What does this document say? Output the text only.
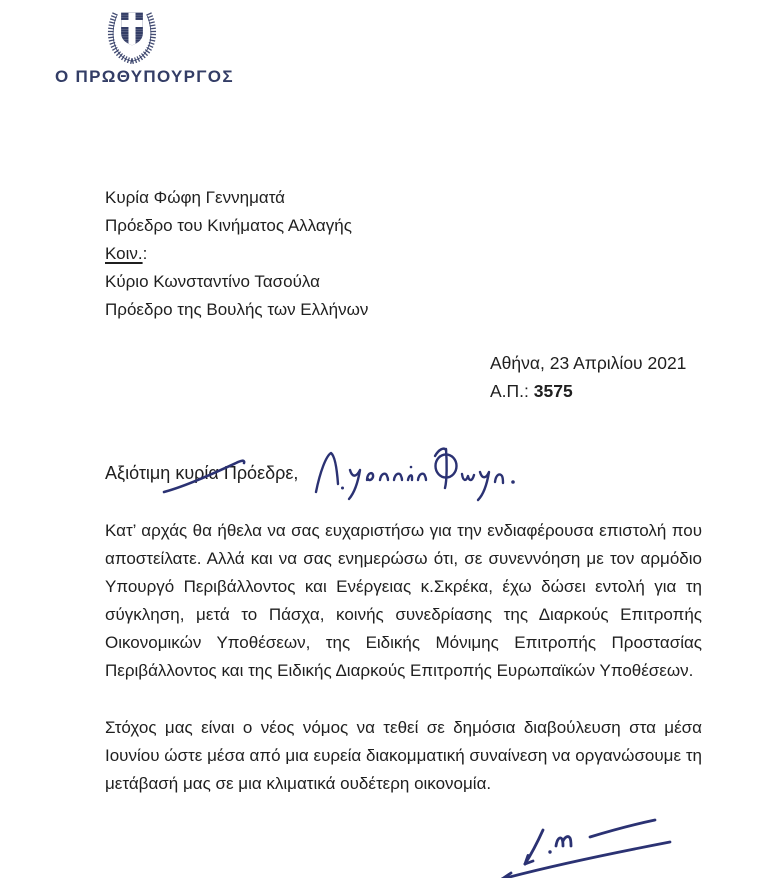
Ο ΠΡΩΘΥΠΟΥΡΓΟΣ
Κυρία Φώφη Γεννηματά
Πρόεδρο του Κινήματος Αλλαγής
Κοιν.:
Κύριο Κωνσταντίνο Τασούλα
Πρόεδρο της Βουλής των Ελλήνων
Αθήνα, 23 Απριλίου 2021
Α.Π.: 3575
Αξιότιμη κυρία Πρόεδρε,
Κατ’ αρχάς θα ήθελα να σας ευχαριστήσω για την ενδιαφέρουσα επιστολή που
αποστείλατε. Αλλά και να σας ενημερώσω ότι, σε συνεννόηση με τον αρμόδιο
Υπουργό Περιβάλλοντος και Ενέργειας κ.Σκρέκα, έχω δώσει εντολή για τη
σύγκληση, μετά το Πάσχα, κοινής συνεδρίασης της Διαρκούς Επιτροπής
Οικονομικών Υποθέσεων, της Ειδικής Μόνιμης Επιτροπής Προστασίας
Περιβάλλοντος και της Ειδικής Διαρκούς Επιτροπής Ευρωπαϊκών Υποθέσεων.
Στόχος μας είναι ο νέος νόμος να τεθεί σε δημόσια διαβούλευση στα μέσα
Ιουνίου ώστε μέσα από μια ευρεία διακομματική συναίνεση να οργανώσουμε τη
μετάβασή μας σε μια κλιματικά ουδέτερη οικονομία.
